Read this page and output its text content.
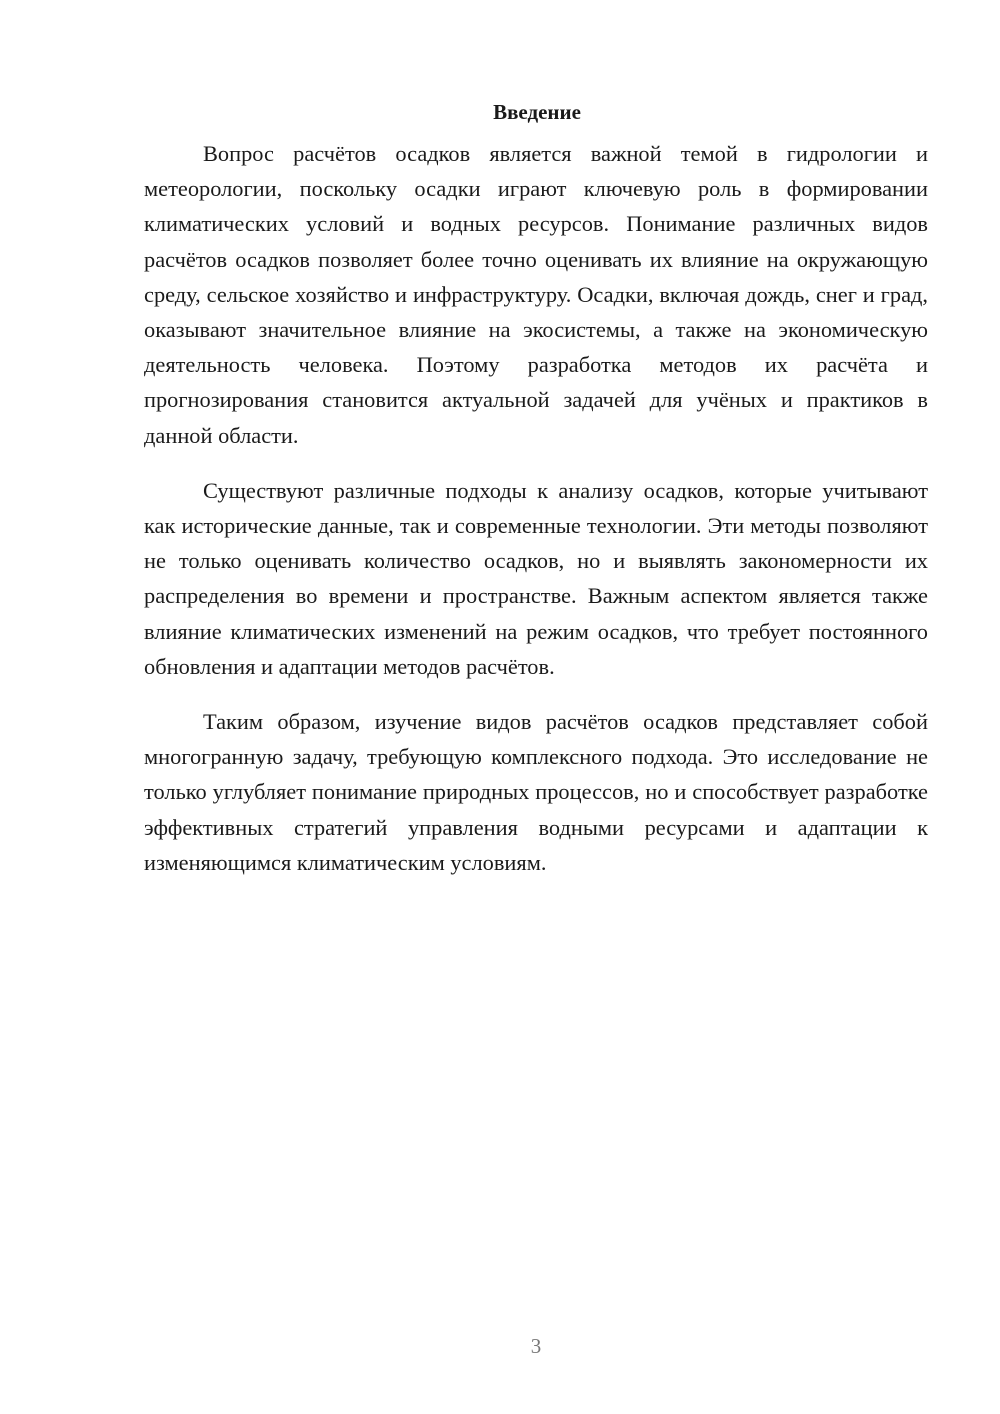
Введение

Вопрос расчётов осадков является важной темой в гидрологии и метеорологии, поскольку осадки играют ключевую роль в формировании климатических условий и водных ресурсов. Понимание различных видов расчётов осадков позволяет более точно оценивать их влияние на окружающую среду, сельское хозяйство и инфраструктуру. Осадки, включая дождь, снег и град, оказывают значительное влияние на экосистемы, а также на экономическую деятельность человека. Поэтому разработка методов их расчёта и прогнозирования становится актуальной задачей для учёных и практиков в данной области.

Существуют различные подходы к анализу осадков, которые учитывают как исторические данные, так и современные технологии. Эти методы позволяют не только оценивать количество осадков, но и выявлять закономерности их распределения во времени и пространстве. Важным аспектом является также влияние климатических изменений на режим осадков, что требует постоянного обновления и адаптации методов расчётов.

Таким образом, изучение видов расчётов осадков представляет собой многогранную задачу, требующую комплексного подхода. Это исследование не только углубляет понимание природных процессов, но и способствует разработке эффективных стратегий управления водными ресурсами и адаптации к изменяющимся климатическим условиям.

3
